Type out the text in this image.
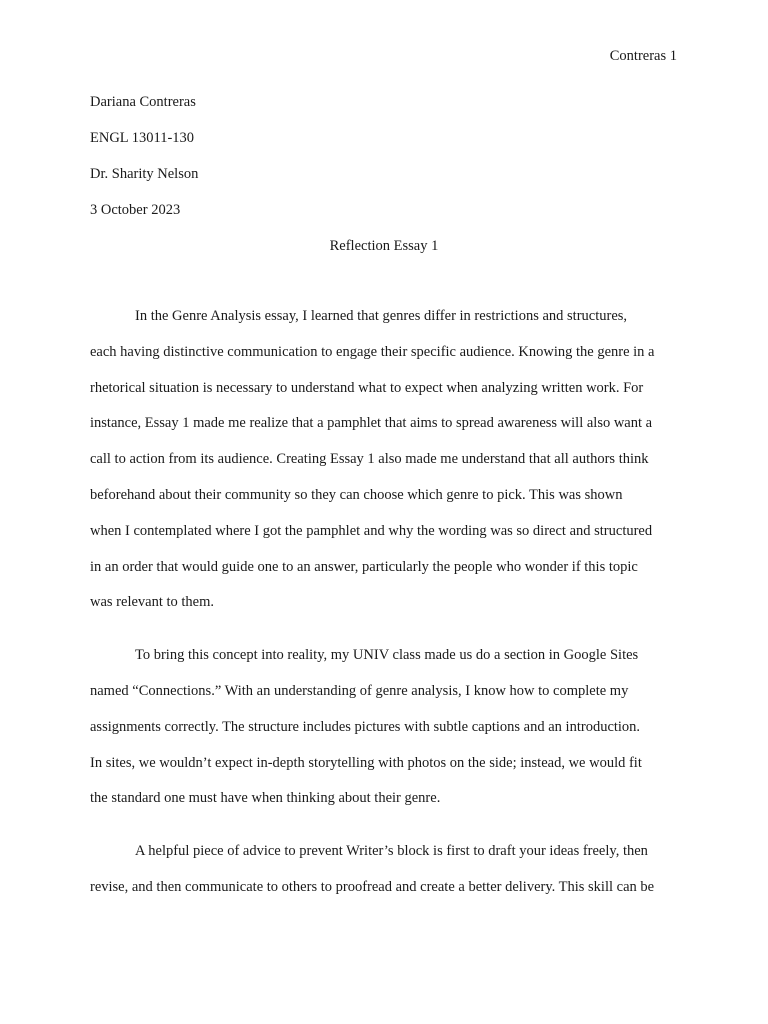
Contreras 1
Dariana Contreras
ENGL 13011-130
Dr. Sharity Nelson
3 October 2023
Reflection Essay 1
In the Genre Analysis essay, I learned that genres differ in restrictions and structures,
each having distinctive communication to engage their specific audience. Knowing the genre in a
rhetorical situation is necessary to understand what to expect when analyzing written work. For
instance, Essay 1 made me realize that a pamphlet that aims to spread awareness will also want a
call to action from its audience. Creating Essay 1 also made me understand that all authors think
beforehand about their community so they can choose which genre to pick. This was shown
when I contemplated where I got the pamphlet and why the wording was so direct and structured
in an order that would guide one to an answer, particularly the people who wonder if this topic
was relevant to them.
To bring this concept into reality, my UNIV class made us do a section in Google Sites
named “Connections.” With an understanding of genre analysis, I know how to complete my
assignments correctly. The structure includes pictures with subtle captions and an introduction.
In sites, we wouldn’t expect in-depth storytelling with photos on the side; instead, we would fit
the standard one must have when thinking about their genre.
A helpful piece of advice to prevent Writer’s block is first to draft your ideas freely, then
revise, and then communicate to others to proofread and create a better delivery. This skill can be
